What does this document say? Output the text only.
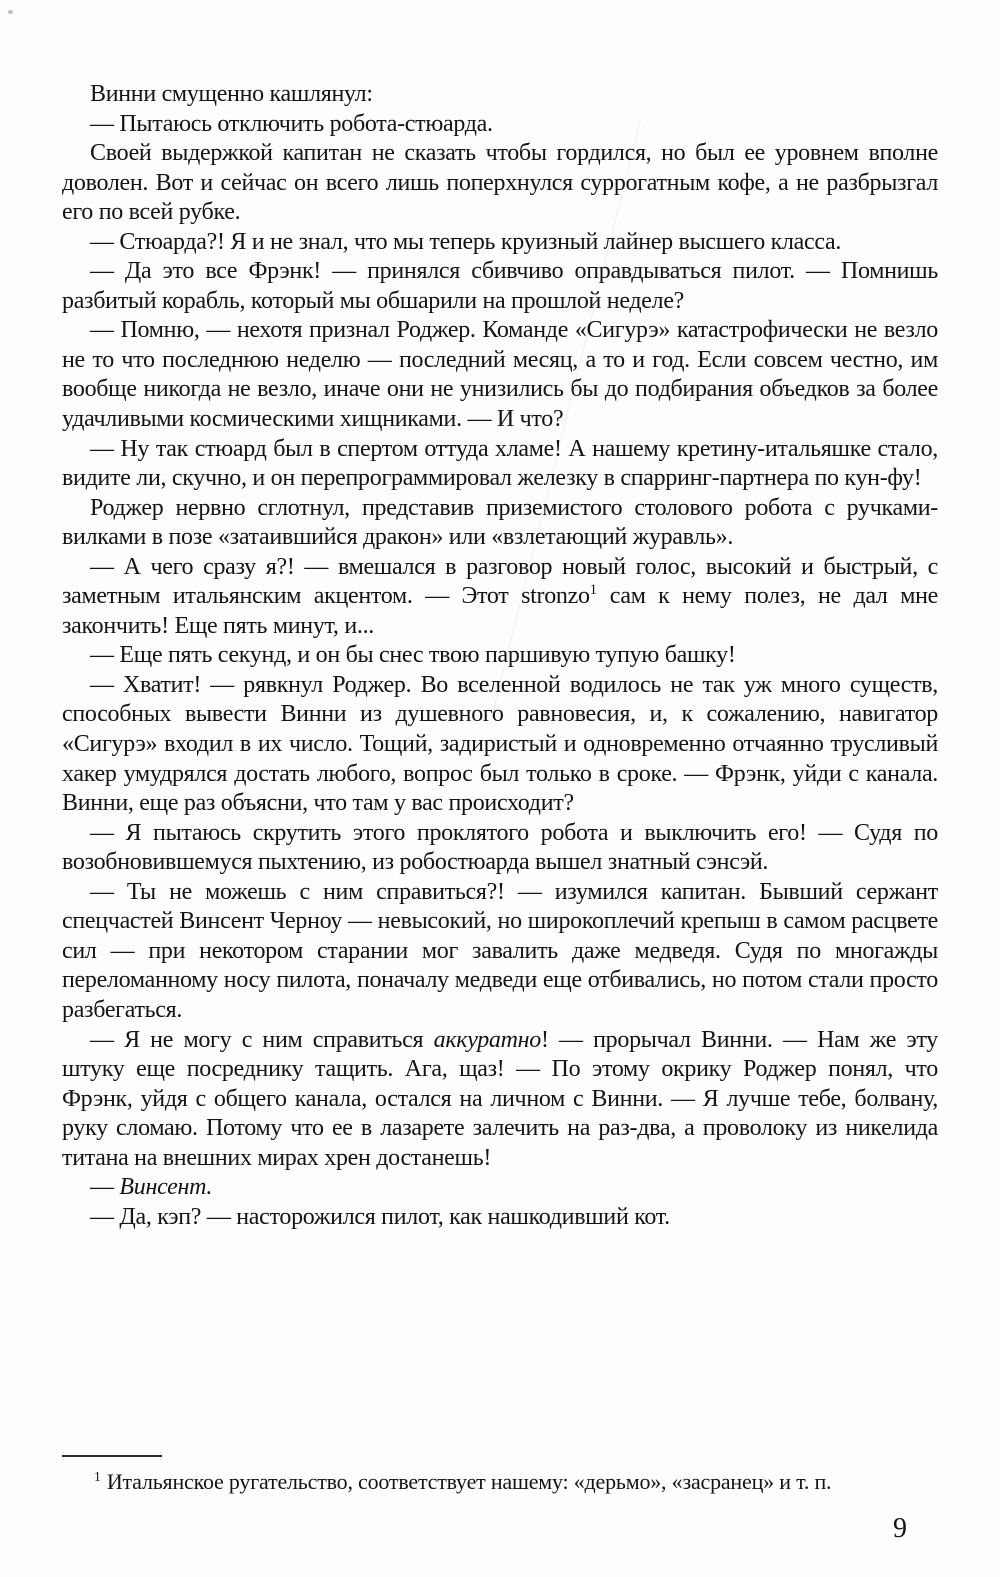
Винни смущенно кашлянул:

— Пытаюсь отключить робота-стюарда.

Своей выдержкой капитан не сказать чтобы гордился, но был ее уровнем вполне доволен. Вот и сейчас он всего лишь поперхнулся суррогатным кофе, а не разбрызгал его по всей рубке.

— Стюарда?! Я и не знал, что мы теперь круизный лайнер высшего класса.

— Да это все Фрэнк! — принялся сбивчиво оправдываться пилот. — Помнишь разбитый корабль, который мы обшарили на прошлой неделе?

— Помню, — нехотя признал Роджер. Команде «Сигурэ» катастрофически не везло не то что последнюю неделю — последний месяц, а то и год. Если совсем честно, им вообще никогда не везло, иначе они не унизились бы до подбирания объедков за более удачливыми космическими хищниками. — И что?

— Ну так стюард был в спертом оттуда хламе! А нашему кретину-итальяшке стало, видите ли, скучно, и он перепрограммировал железку в спарринг-партнера по кун-фу!

Роджер нервно сглотнул, представив приземистого столового робота с ручками-вилками в позе «затаившийся дракон» или «взлетающий журавль».

— А чего сразу я?! — вмешался в разговор новый голос, высокий и быстрый, с заметным итальянским акцентом. — Этот stronzo$^1$ сам к нему полез, не дал мне закончить! Еще пять минут, и...

— Еще пять секунд, и он бы снес твою паршивую тупую башку!

— Хватит! — рявкнул Роджер. Во вселенной водилось не так уж много существ, способных вывести Винни из душевного равновесия, и, к сожалению, навигатор «Сигурэ» входил в их число. Тощий, задиристый и одновременно отчаянно трусливый хакер умудрялся достать любого, вопрос был только в сроке. — Фрэнк, уйди с канала. Винни, еще раз объясни, что там у вас происходит?

— Я пытаюсь скрутить этого проклятого робота и выключить его! — Судя по возобновившемуся пыхтению, из робостюарда вышел знатный сэнсэй.

— Ты не можешь с ним справиться?! — изумился капитан. Бывший сержант спецчастей Винсент Черноу — невысокий, но широкоплечий крепыш в самом расцвете сил — при некотором старании мог завалить даже медведя. Судя по многажды переломанному носу пилота, поначалу медведи еще отбивались, но потом стали просто разбегаться.

— Я не могу с ним справиться аккуратно! — прорычал Винни. — Нам же эту штуку еще посреднику тащить. Ага, щаз! — По этому окрику Роджер понял, что Фрэнк, уйдя с общего канала, остался на личном с Винни. — Я лучше тебе, болвану, руку сломаю. Потому что ее в лазарете залечить на раз-два, а проволоку из никелида титана на внешних мирах хрен достанешь!

— Винсент.

— Да, кэп? — насторожился пилот, как нашкодивший кот.

$^1$ Итальянское ругательство, соответствует нашему: «дерьмо», «засранец» и т. п.
9
